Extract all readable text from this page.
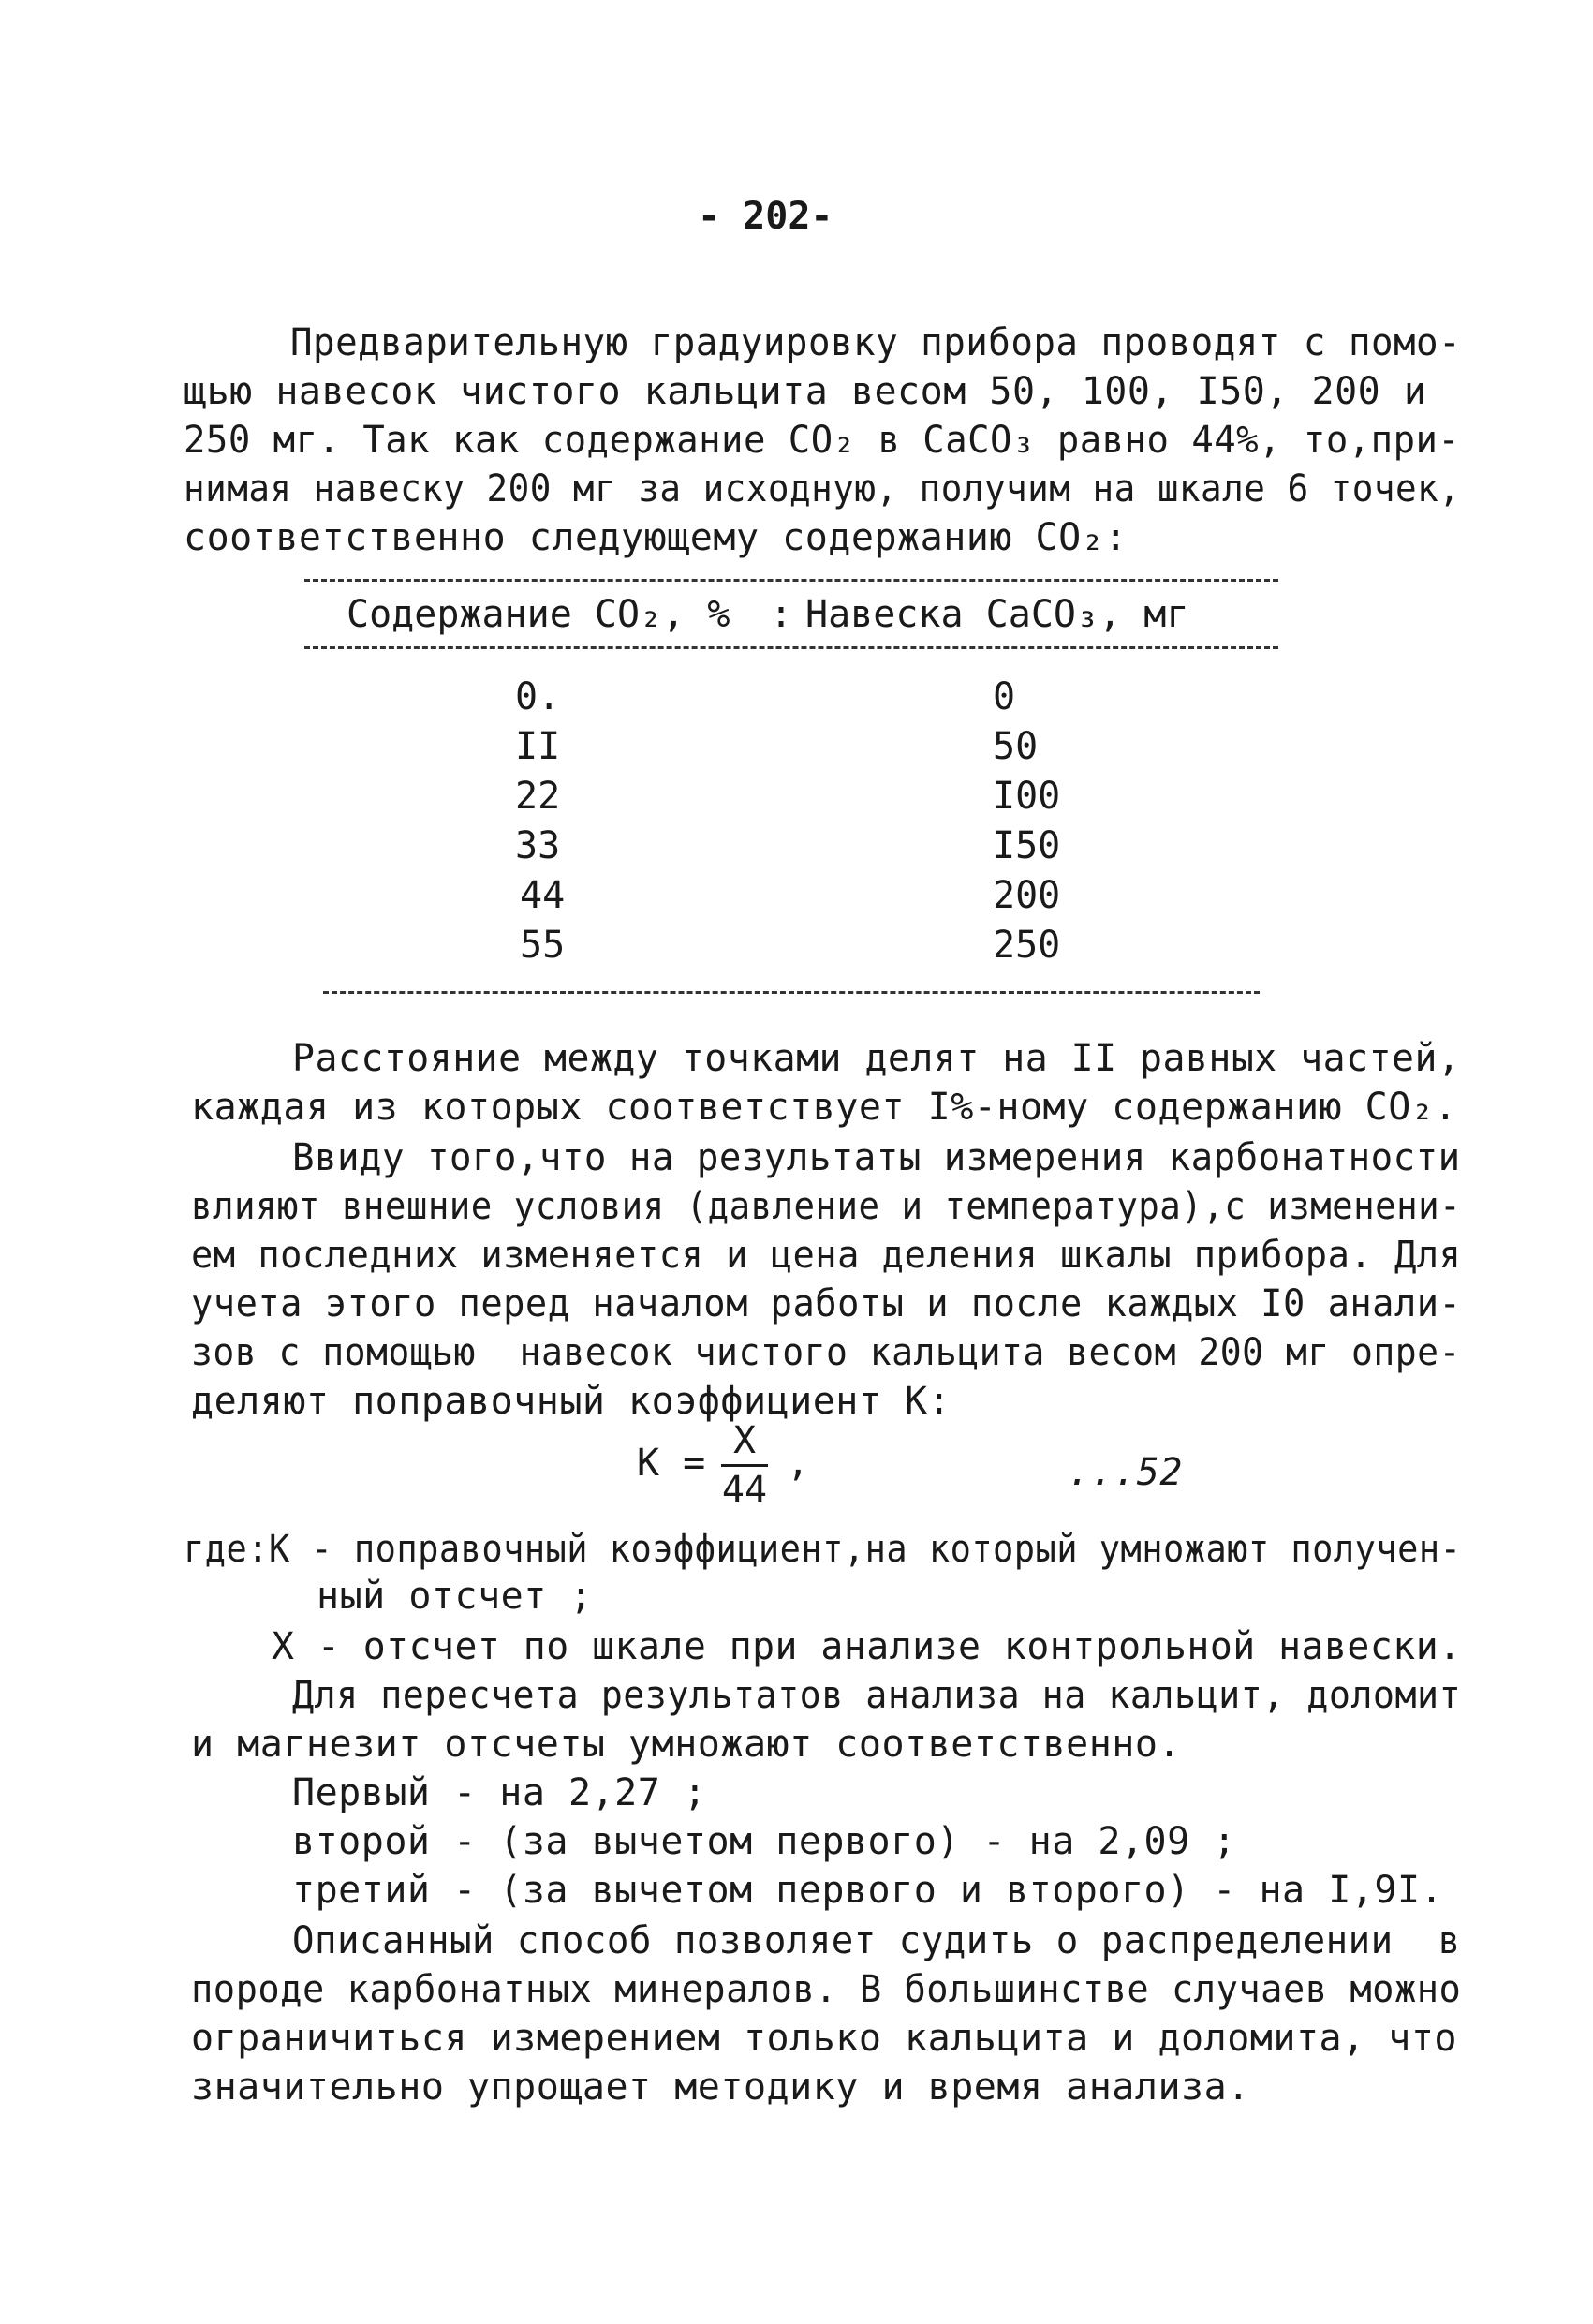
- 202-
Предварительную градуировку прибора проводят с помо-
щью навесок чистого кальцита весом 50, 100, I50, 200 и
250 мг. Так как содержание CO₂ в CaCO₃ равно 44%, то,при-
нимая навеску 200 мг за исходную, получим на шкале 6 точек,
соответственно следующему содержанию CO₂:
Содержание CO₂, % : Навеска CaCO₃, мг
0.	0
II	50
22	I00
33	I50
44	200
55	250
Расстояние между точками делят на II равных частей,
каждая из которых соответствует I%-ному содержанию CO₂.
Ввиду того,что на результаты измерения карбонатности
влияют внешние условия (давление и температура),с изменени-
ем последних изменяется и цена деления шкалы прибора. Для
учета этого перед началом работы и после каждых I0 анали-
зов с помощью  навесок чистого кальцита весом 200 мг опре-
деляют поправочный коэффициент К:
К =
X
44
,	...52
где:К - поправочный коэффициент,на который умножают получен-
ный отсчет ;
X - отсчет по шкале при анализе контрольной навески.
Для пересчета результатов анализа на кальцит, доломит
и магнезит отсчеты умножают соответственно.
Первый - на 2,27 ;
второй - (за вычетом первого) - на 2,09 ;
третий - (за вычетом первого и второго) - на I,9I.
Описанный способ позволяет судить о распределении  в
породе карбонатных минералов. В большинстве случаев можно
ограничиться измерением только кальцита и доломита, что
значительно упрощает методику и время анализа.
